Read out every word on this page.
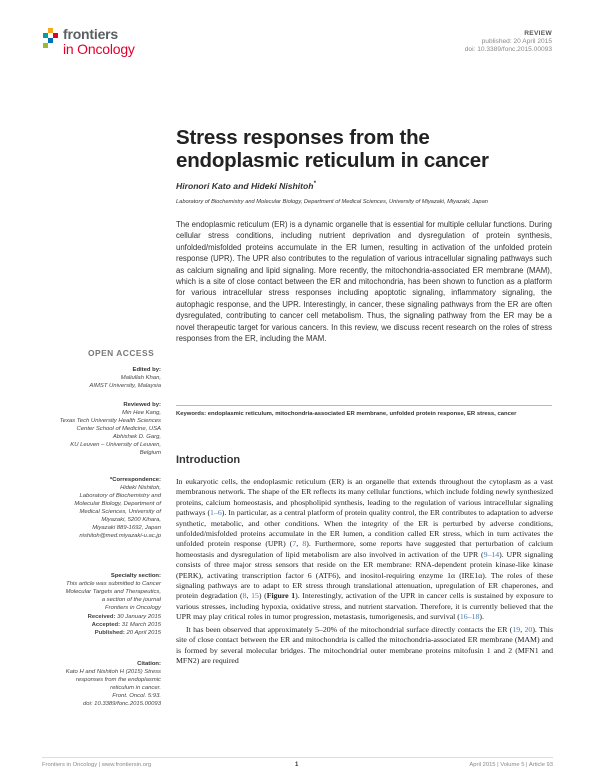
frontiers
in Oncology
REVIEW
published: 20 April 2015
doi: 10.3389/fonc.2015.00093
Stress responses from the
endoplasmic reticulum in cancer
Hironori Kato and Hideki Nishitoh*
Laboratory of Biochemistry and Molecular Biology, Department of Medical Sciences, University of Miyazaki, Miyazaki, Japan
The endoplasmic reticulum (ER) is a dynamic organelle that is essential for multiple cellular functions. During cellular stress conditions, including nutrient deprivation and dysregulation of protein synthesis, unfolded/misfolded proteins accumulate in the ER lumen, resulting in activation of the unfolded protein response (UPR). The UPR also contributes to the regulation of various intracellular signaling pathways such as calcium signaling and lipid signaling. More recently, the mitochondria-associated ER membrane (MAM), which is a site of close contact between the ER and mitochondria, has been shown to function as a platform for various intracellular stress responses including apoptotic signaling, inflammatory signaling, the autophagic response, and the UPR. Interestingly, in cancer, these signaling pathways from the ER are often dysregulated, contributing to cancer cell metabolism. Thus, the signaling pathway from the ER may be a novel therapeutic target for various cancers. In this review, we discuss recent research on the roles of stress responses from the ER, including the MAM.
Keywords: endoplasmic reticulum, mitochondria-associated ER membrane, unfolded protein response, ER stress, cancer
OPEN ACCESS
Edited by:
Maliullah Khan,
AIMST University, Malaysia
Reviewed by:
Min Hee Kang,
Texas Tech University Health Sciences
Center School of Medicine, USA
Abhishek D. Garg,
KU Leuven – University of Leuven,
Belgium
*Correspondence:
Hideki Nishitoh,
Laboratory of Biochemistry and
Molecular Biology, Department of
Medical Sciences, University of
Miyazaki, 5200 Kihara,
Miyazaki 889-1692, Japan
nishitoh@med.miyazaki-u.ac.jp
Specialty section:
This article was submitted to Cancer
Molecular Targets and Therapeutics,
a section of the journal
Frontiers in Oncology
Received: 30 January 2015
Accepted: 31 March 2015
Published: 20 April 2015
Citation:
Kato H and Nishitoh H (2015) Stress
responses from the endoplasmic
reticulum in cancer.
Front. Oncol. 5:93.
doi: 10.3389/fonc.2015.00093
Introduction

In eukaryotic cells, the endoplasmic reticulum (ER) is an organelle that extends throughout the cytoplasm as a vast membranous network. The shape of the ER reflects its many cellular functions, which include folding newly synthesized proteins, calcium homeostasis, and phospholipid synthesis, leading to the regulation of various intracellular signaling pathways (1–6). In particular, as a central platform of protein quality control, the ER contributes to adaptation to adverse synthetic, metabolic, and other conditions. When the integrity of the ER is perturbed by adverse conditions, unfolded/misfolded proteins accumulate in the ER lumen, a condition called ER stress, which in turn activates the unfolded protein response (UPR) (7, 8). Furthermore, some reports have suggested that perturbation of calcium homeostasis and dysregulation of lipid metabolism are also involved in activation of the UPR (9–14). UPR signaling consists of three major stress sensors that reside on the ER membrane: RNA-dependent protein kinase-like kinase (PERK), activating transcription factor 6 (ATF6), and inositol-requiring enzyme 1α (IRE1α). The roles of these signaling pathways are to adapt to ER stress through translational attenuation, upregulation of ER chaperones, and protein degradation (8, 15) (Figure 1). Interestingly, activation of the UPR in cancer cells is sustained by exposure to various stresses, including hypoxia, oxidative stress, and nutrient starvation. Therefore, it is currently believed that the UPR may play critical roles in tumor progression, metastasis, tumorigenesis, and survival (16–18).

It has been observed that approximately 5–20% of the mitochondrial surface directly contacts the ER (19, 20). This site of close contact between the ER and mitochondria is called the mitochondria-associated ER membrane (MAM) and is formed by several molecular bridges. The mitochondrial outer membrane proteins mitofusin 1 and 2 (MFN1 and MFN2) are required

Frontiers in Oncology | www.frontiersin.org	1	April 2015 | Volume 5 | Article 93
